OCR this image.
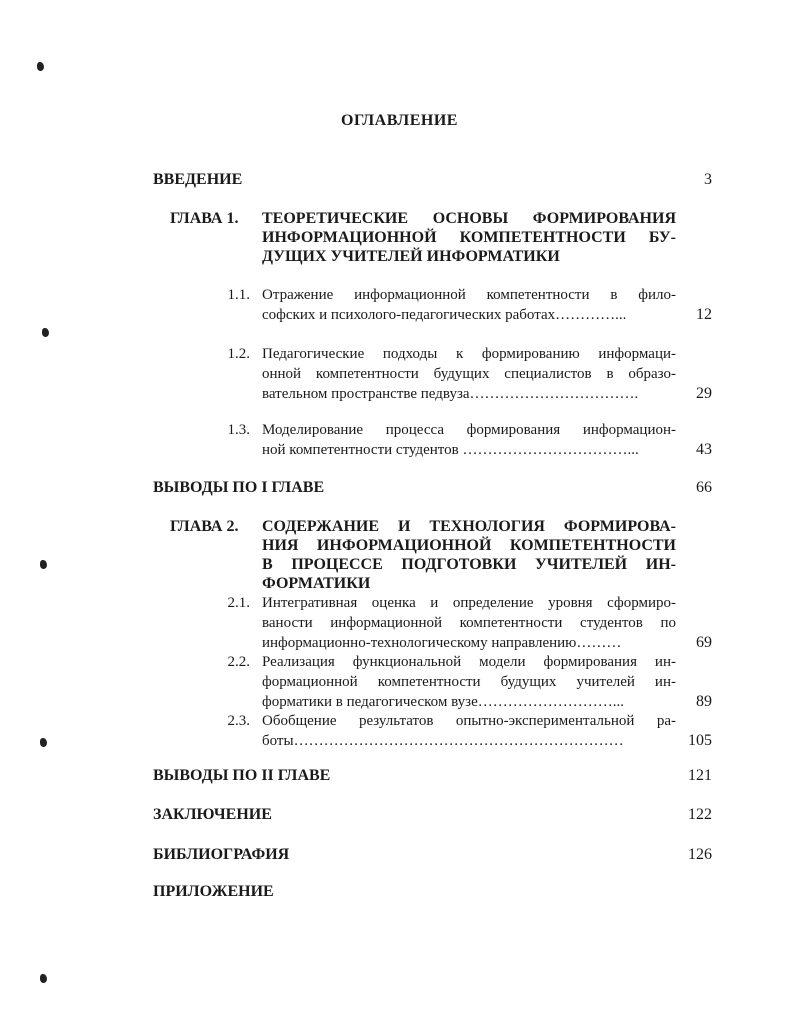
ОГЛАВЛЕНИЕ
ВВЕДЕНИЕ	3
ГЛАВА 1. ТЕОРЕТИЧЕСКИЕ ОСНОВЫ ФОРМИРОВАНИЯ
ИНФОРМАЦИОННОЙ КОМПЕТЕНТНОСТИ БУ-
ДУЩИХ УЧИТЕЛЕЙ ИНФОРМАТИКИ
1.1. Отражение информационной компетентности в фило-
софских и психолого-педагогических работах…………...	12
1.2. Педагогические подходы к формированию информаци-
онной компетентности будущих специалистов в образо-
вательном пространстве педвуза…………………………….	29
1.3. Моделирование процесса формирования информацион-
ной компетентности студентов ……………………………...	43
ВЫВОДЫ ПО I ГЛАВЕ	66
ГЛАВА 2. СОДЕРЖАНИЕ И ТЕХНОЛОГИЯ ФОРМИРОВА-
НИЯ ИНФОРМАЦИОННОЙ КОМПЕТЕНТНОСТИ
В ПРОЦЕССЕ ПОДГОТОВКИ УЧИТЕЛЕЙ ИН-
ФОРМАТИКИ
2.1. Интегративная оценка и определение уровня сформиро-
ваности информационной компетентности студентов по
информационно-технологическому направлению………	69
2.2. Реализация функциональной модели формирования ин-
формационной компетентности будущих учителей ин-
форматики в педагогическом вузе………………………...	89
2.3. Обобщение результатов опытно-экспериментальной ра-
боты…………………………………………………………	105
ВЫВОДЫ ПО II ГЛАВЕ	121
ЗАКЛЮЧЕНИЕ	122
БИБЛИОГРАФИЯ	126
ПРИЛОЖЕНИЕ
